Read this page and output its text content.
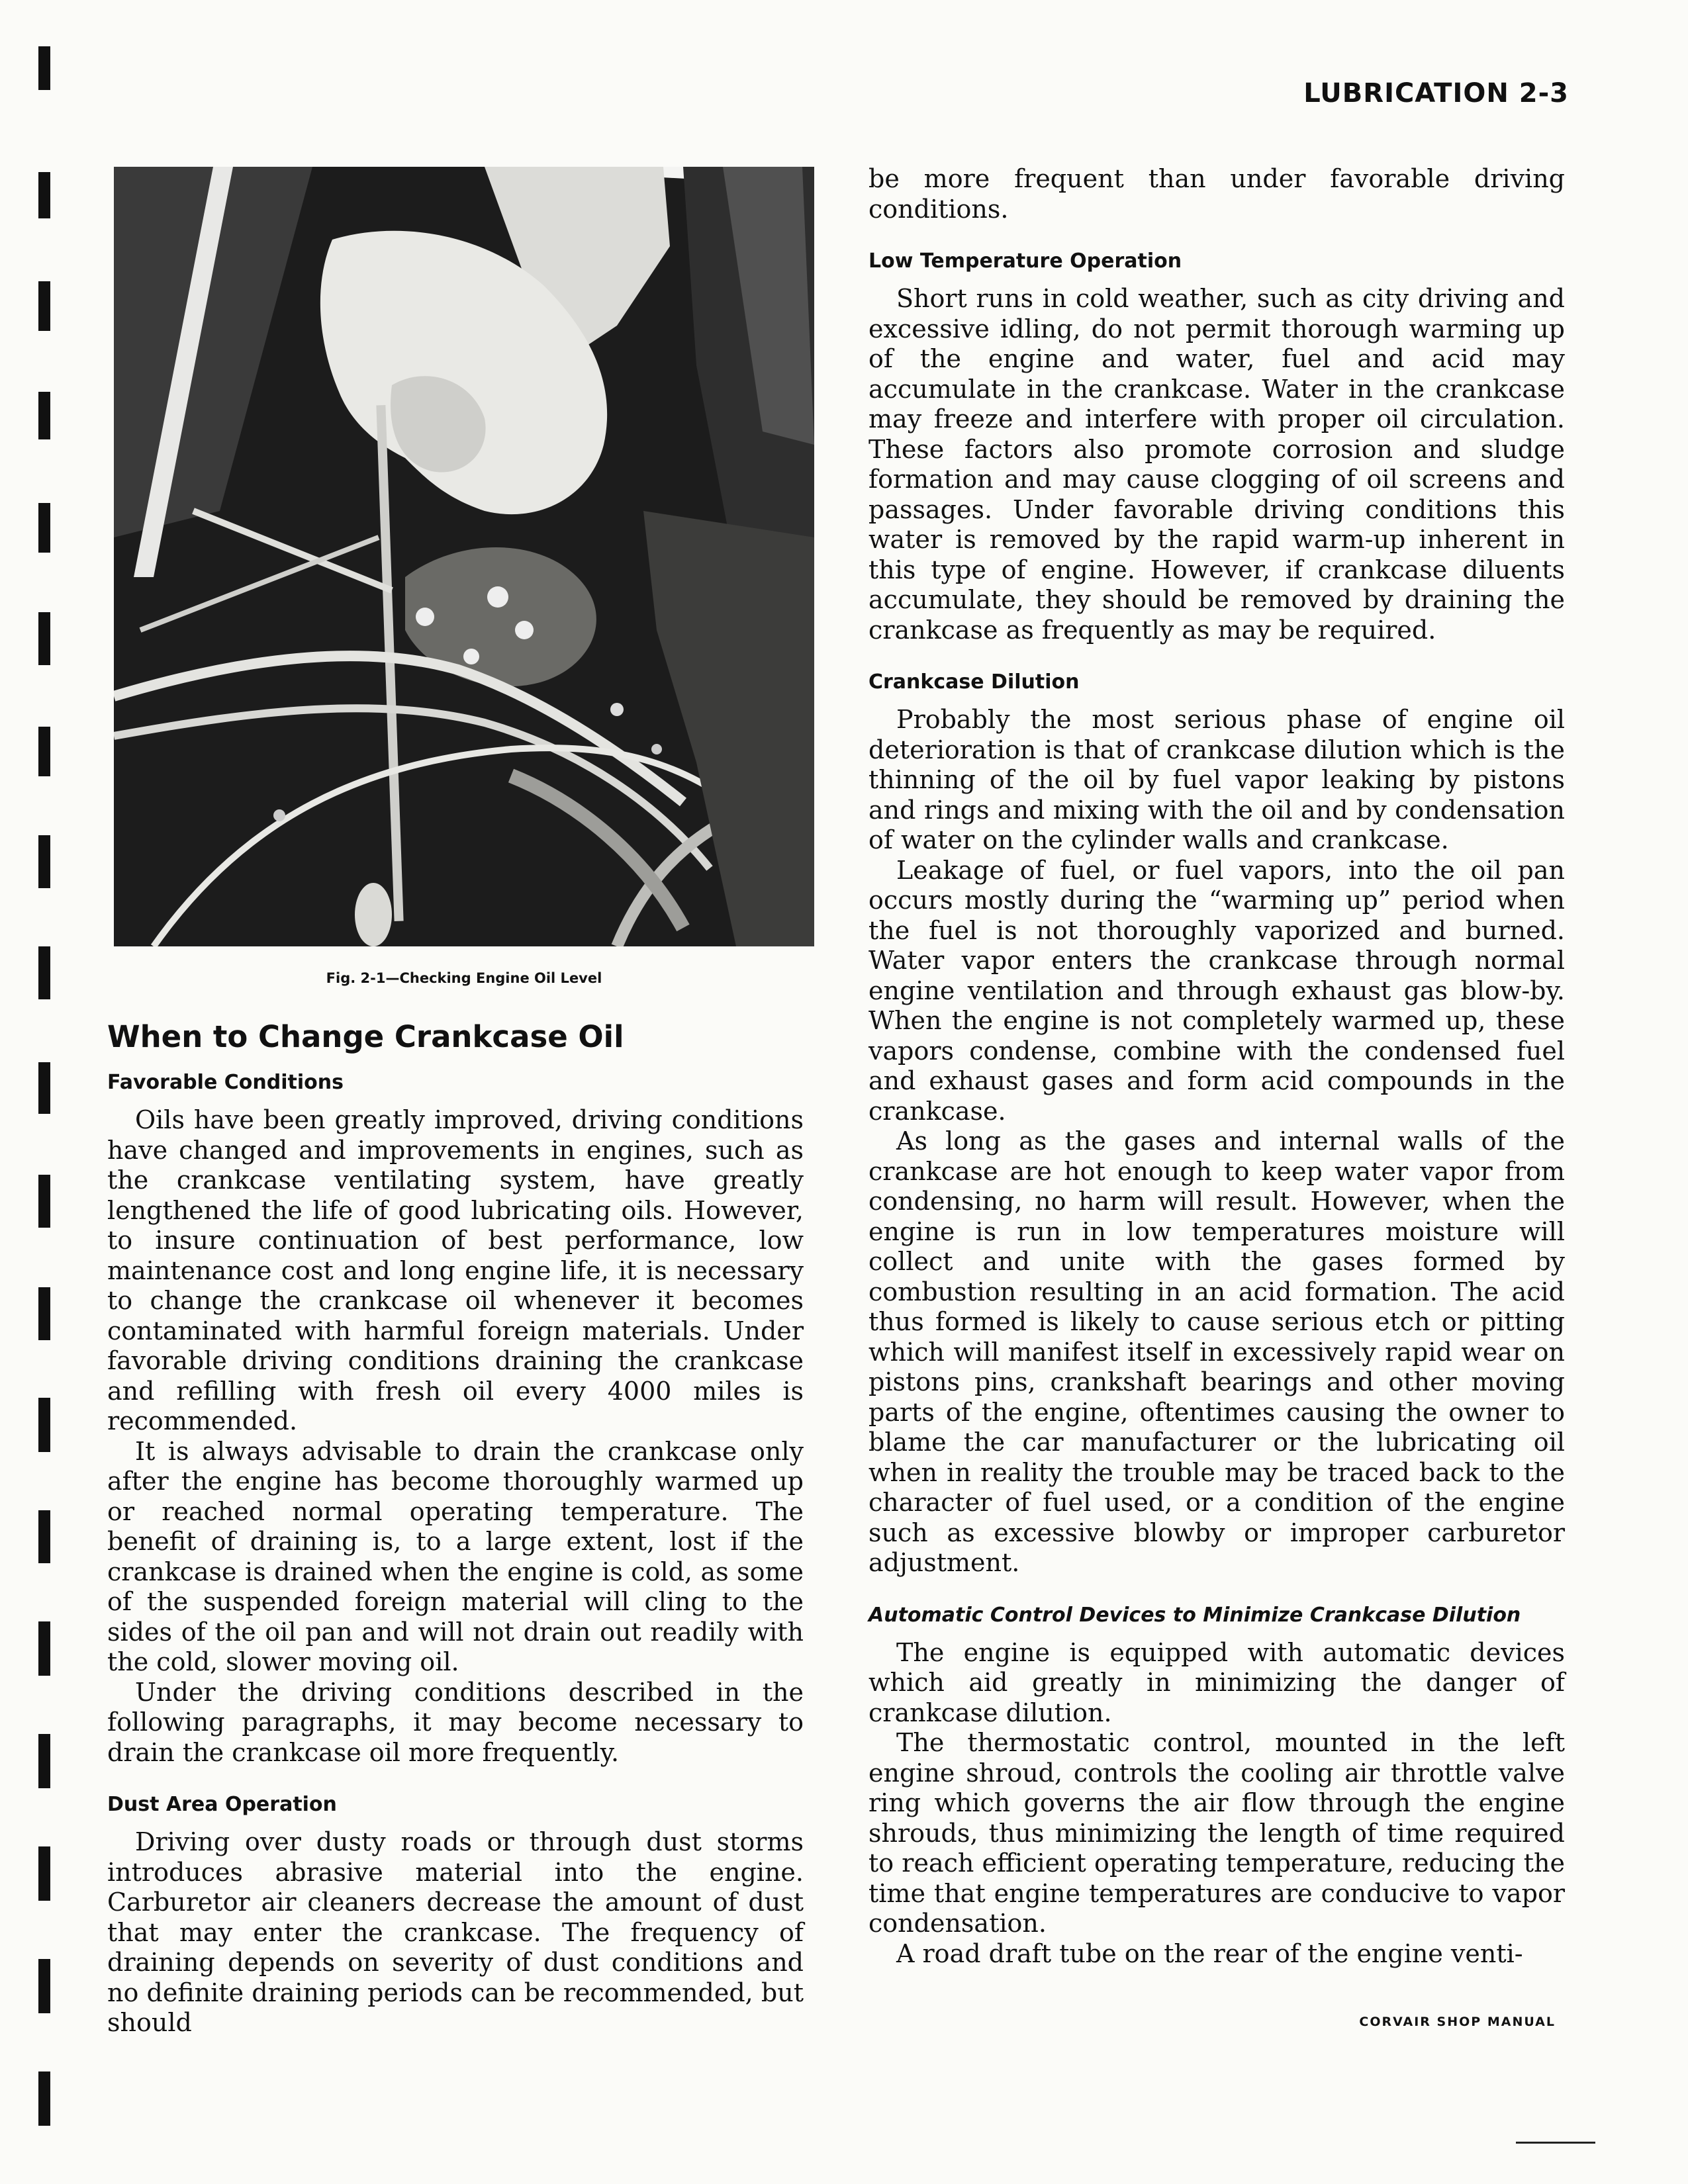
LUBRICATION 2-3
Fig. 2-1—Checking Engine Oil Level
When to Change Crankcase Oil
Favorable Conditions

Oils have been greatly improved, driving conditions have changed and improvements in engines, such as the crankcase ventilating system, have greatly lengthened the life of good lubricating oils. However, to insure continuation of best performance, low maintenance cost and long engine life, it is necessary to change the crankcase oil whenever it becomes contaminated with harmful foreign materials. Under favorable driving conditions draining the crankcase and refilling with fresh oil every 4000 miles is recommended.

It is always advisable to drain the crankcase only after the engine has become thoroughly warmed up or reached normal operating temperature. The benefit of draining is, to a large extent, lost if the crankcase is drained when the engine is cold, as some of the suspended foreign material will cling to the sides of the oil pan and will not drain out readily with the cold, slower moving oil.

Under the driving conditions described in the following paragraphs, it may become necessary to drain the crankcase oil more frequently.

Dust Area Operation

Driving over dusty roads or through dust storms introduces abrasive material into the engine. Carburetor air cleaners decrease the amount of dust that may enter the crankcase. The frequency of draining depends on severity of dust conditions and no definite draining periods can be recommended, but should

be more frequent than under favorable driving conditions.

Low Temperature Operation

Short runs in cold weather, such as city driving and excessive idling, do not permit thorough warming up of the engine and water, fuel and acid may accumulate in the crankcase. Water in the crankcase may freeze and interfere with proper oil circulation. These factors also promote corrosion and sludge formation and may cause clogging of oil screens and passages. Under favorable driving conditions this water is removed by the rapid warm-up inherent in this type of engine. However, if crankcase diluents accumulate, they should be removed by draining the crankcase as frequently as may be required.

Crankcase Dilution

Probably the most serious phase of engine oil deterioration is that of crankcase dilution which is the thinning of the oil by fuel vapor leaking by pistons and rings and mixing with the oil and by condensation of water on the cylinder walls and crankcase.

Leakage of fuel, or fuel vapors, into the oil pan occurs mostly during the “warming up” period when the fuel is not thoroughly vaporized and burned. Water vapor enters the crankcase through normal engine ventilation and through exhaust gas blow-by. When the engine is not completely warmed up, these vapors condense, combine with the condensed fuel and exhaust gases and form acid compounds in the crankcase.

As long as the gases and internal walls of the crankcase are hot enough to keep water vapor from condensing, no harm will result. However, when the engine is run in low temperatures moisture will collect and unite with the gases formed by combustion resulting in an acid formation. The acid thus formed is likely to cause serious etch or pitting which will manifest itself in excessively rapid wear on pistons pins, crankshaft bearings and other moving parts of the engine, oftentimes causing the owner to blame the car manufacturer or the lubricating oil when in reality the trouble may be traced back to the character of fuel used, or a condition of the engine such as excessive blowby or improper carburetor adjustment.

Automatic Control Devices to Minimize Crankcase Dilution

The engine is equipped with automatic devices which aid greatly in minimizing the danger of crankcase dilution.

The thermostatic control, mounted in the left engine shroud, controls the cooling air throttle valve ring which governs the air flow through the engine shrouds, thus minimizing the length of time required to reach efficient operating temperature, reducing the time that engine temperatures are conducive to vapor condensation.

A road draft tube on the rear of the engine venti-

CORVAIR SHOP MANUAL
